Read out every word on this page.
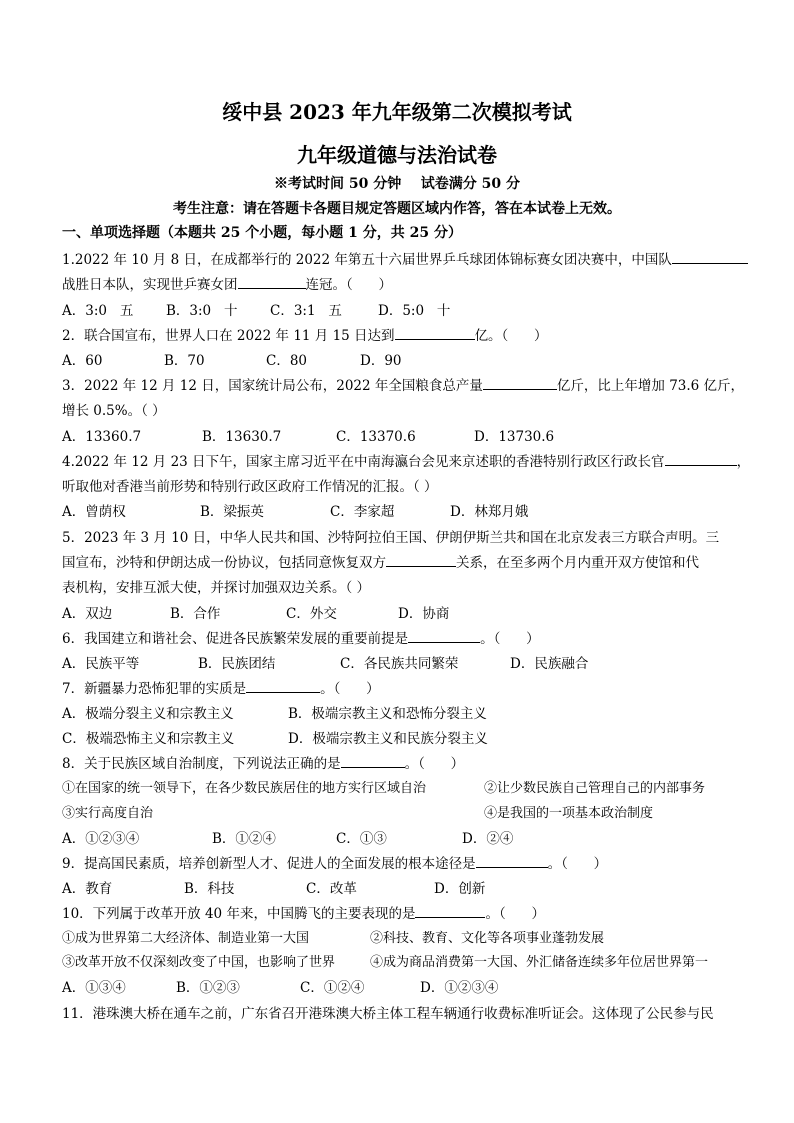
绥中县 2023 年九年级第二次模拟考试
九年级道德与法治试卷
※考试时间 50 分钟    试卷满分 50 分
考生注意：请在答题卡各题目规定答题区域内作答，答在本试卷上无效。
一、单项选择题（本题共 25 个小题，每小题 1 分，共 25 分）
1.2022 年 10 月 8 日，在成都举行的 2022 年第五十六届世界乒乓球团体锦标赛女团决赛中，中国队
战胜日本队，实现世乒赛女团	连冠。（      ）
A．3:0   五 B．3:0   十 C．3:1   五	D．5:0   十
2．联合国宣布，世界人口在 2022 年 11 月 15 日达到	亿。（      ）
A．60	B．70	C．80	D．90
3．2022 年 12 月 12 日，国家统计局公布，2022 年全国粮食总产量	亿斤，比上年增加 73.6 亿斤，
增长 0.5%。（ ）
A．13360.7	B．13630.7	C．13370.6	D．13730.6
4.2022 年 12 月 23 日下午，国家主席习近平在中南海瀛台会见来京述职的香港特别行政区行政长官	，
听取他对香港当前形势和特别行政区政府工作情况的汇报。（ ）
A．曾荫权	B．梁振英	C．李家超	D．林郑月娥
5．2023 年 3 月 10 日，中华人民共和国、沙特阿拉伯王国、伊朗伊斯兰共和国在北京发表三方联合声明。三
国宣布，沙特和伊朗达成一份协议，包括同意恢复双方	关系，在至多两个月内重开双方使馆和代
表机构，安排互派大使，并探讨加强双边关系。（ ）
A．双边	B．合作	C．外交	D．协商
6．我国建立和谐社会、促进各民族繁荣发展的重要前提是	。（      ）
A．民族平等	B．民族团结	C．各民族共同繁荣	D．民族融合
7．新疆暴力恐怖犯罪的实质是	。（      ）
A．极端分裂主义和宗教主义	B．极端宗教主义和恐怖分裂主义
C．极端恐怖主义和宗教主义	D．极端宗教主义和民族分裂主义
8．关于民族区域自治制度，下列说法正确的是	。（      ）
①在国家的统一领导下，在各少数民族居住的地方实行区域自治	②让少数民族自己管理自己的内部事务
③实行高度自治	④是我国的一项基本政治制度
A．①②③④	B．①②④	C．①③	D．②④
9．提高国民素质，培养创新型人才、促进人的全面发展的根本途径是	。（      ）
A．教育	B．科技	C．改革	D．创新
10．下列属于改革开放 40 年来，中国腾飞的主要表现的是	。（      ）
①成为世界第二大经济体、制造业第一大国	②科技、教育、文化等各项事业蓬勃发展
③改革开放不仅深刻改变了中国，也影响了世界	④成为商品消费第一大国、外汇储备连续多年位居世界第一
A．①③④	B．①②③	C．①②④	D．①②③④
11．港珠澳大桥在通车之前，广东省召开港珠澳大桥主体工程车辆通行收费标准听证会。这体现了公民参与民
